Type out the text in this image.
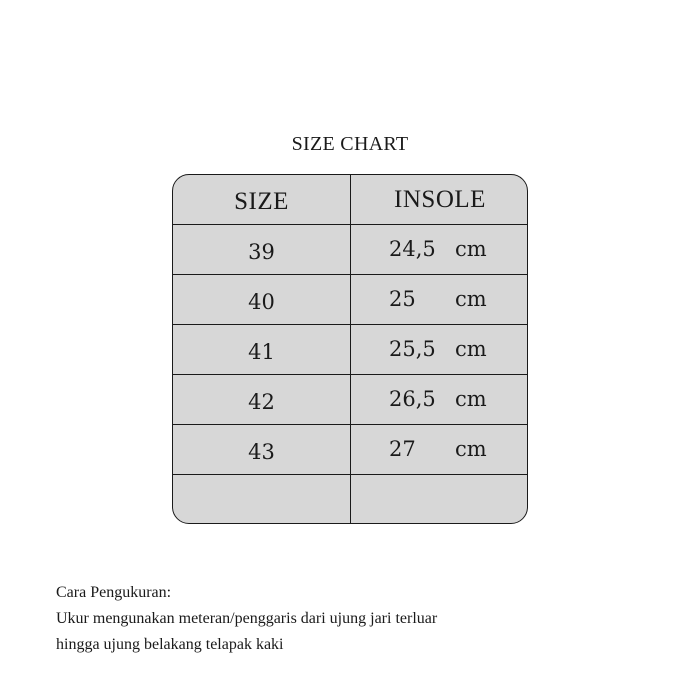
SIZE CHART
SIZE	INSOLE
39	24,5 cm
40	25 cm
41	25,5 cm
42	26,5 cm
43	27 cm
Cara Pengukuran:
Ukur mengunakan meteran/penggaris dari ujung jari terluar
hingga ujung belakang telapak kaki
